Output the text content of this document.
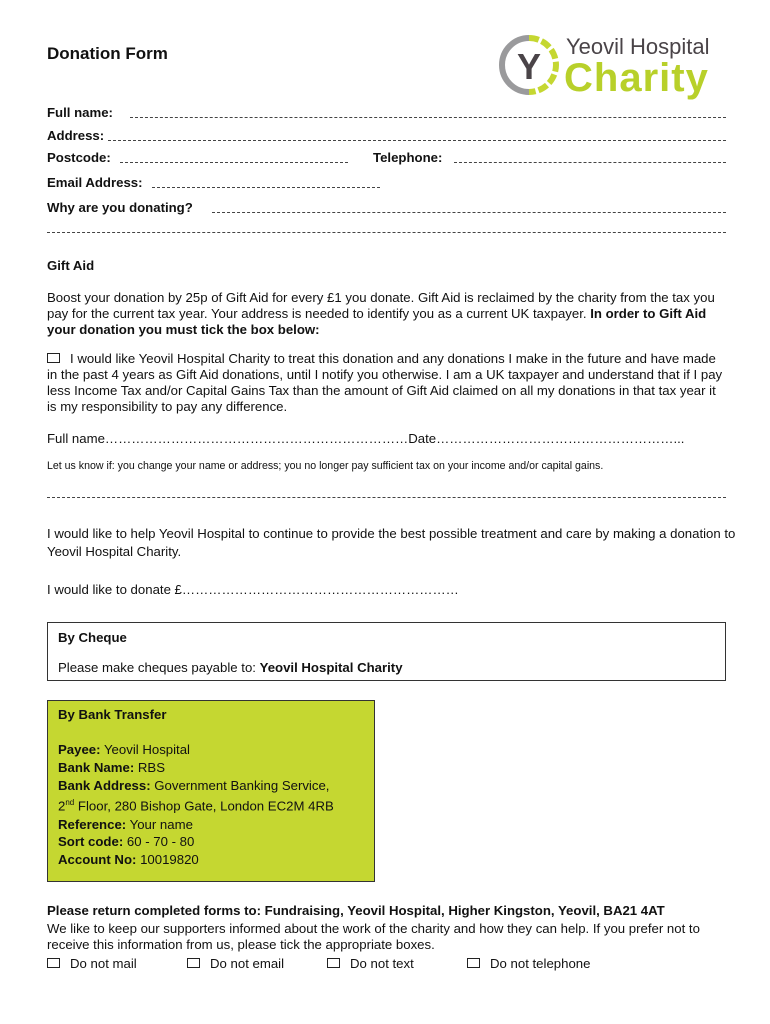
Donation Form	Y Yeovil Hospital
Charity
Full name:
Address:
Postcode:	Telephone:
Email Address:
Why are you donating?
Gift Aid

Boost your donation by 25p of Gift Aid for every £1 you donate. Gift Aid is reclaimed by the charity from the tax you pay for the current tax year. Your address is needed to identify you as a current UK taxpayer. In order to Gift Aid your donation you must tick the box below:

I would like Yeovil Hospital Charity to treat this donation and any donations I make in the future and have made in the past 4 years as Gift Aid donations, until I notify you otherwise. I am a UK taxpayer and understand that if I pay less Income Tax and/or Capital Gains Tax than the amount of Gift Aid claimed on all my donations in that tax year it is my responsibility to pay any difference.

Full name……………………………………………………………Date………………………………………………...
Let us know if: you change your name or address; you no longer pay sufficient tax on your income and/or capital gains.

I would like to help Yeovil Hospital to continue to provide the best possible treatment and care by making a donation to Yeovil Hospital Charity.

I would like to donate £………………………………………………………
By Cheque
Please make cheques payable to: Yeovil Hospital Charity
By Bank Transfer
Payee: Yeovil Hospital
Bank Name: RBS
Bank Address: Government Banking Service,
2nd Floor, 280 Bishop Gate, London EC2M 4RB
Reference: Your name
Sort code: 60 - 70 - 80
Account No: 10019820
Please return completed forms to: Fundraising, Yeovil Hospital, Higher Kingston, Yeovil, BA21 4AT

We like to keep our supporters informed about the work of the charity and how they can help. If you prefer not to receive this information from us, please tick the appropriate boxes.

Do not mail	Do not email	Do not text	Do not telephone
